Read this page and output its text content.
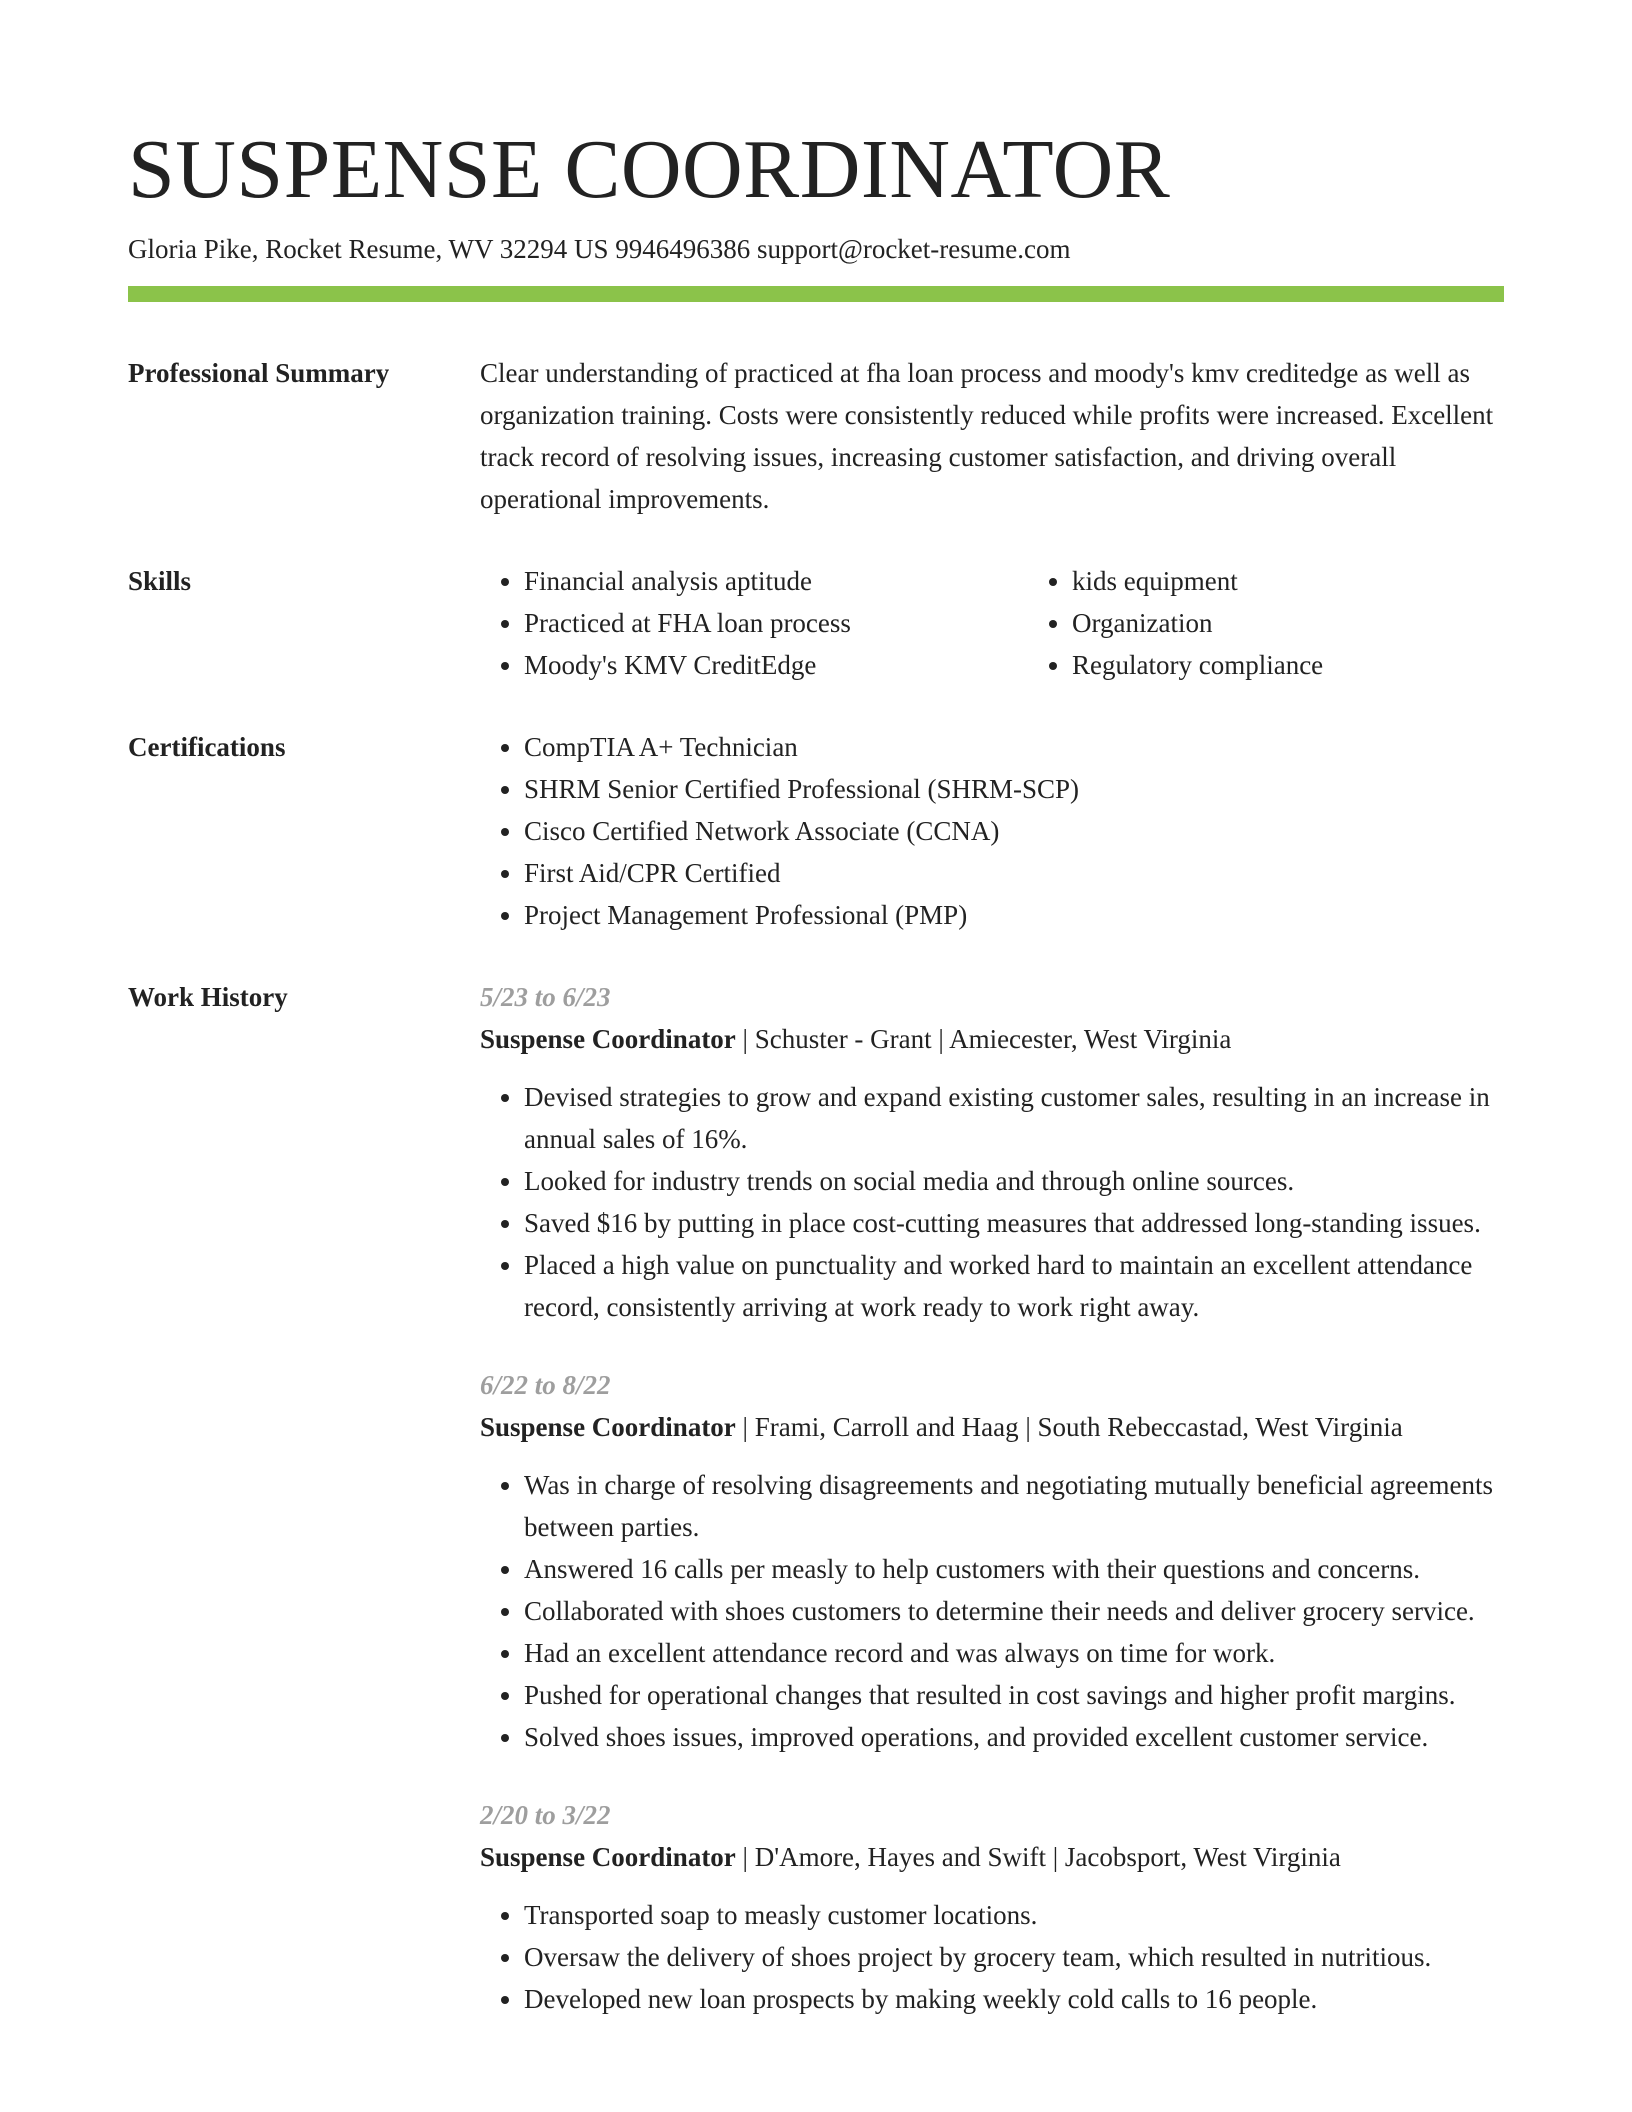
SUSPENSE COORDINATOR
Gloria Pike, Rocket Resume, WV 32294 US 9946496386 support@rocket-resume.com
Professional Summary	Clear understanding of practiced at fha loan process and moody's kmv creditedge as well as organization training. Costs were consistently reduced while profits were increased. Excellent track record of resolving issues, increasing customer satisfaction, and driving overall operational improvements.

Skills	• Financial analysis aptitude
• Practiced at FHA loan process
• Moody's KMV CreditEdge
• kids equipment
• Organization
• Regulatory compliance
Certifications	• CompTIA A+ Technician
• SHRM Senior Certified Professional (SHRM-SCP)
• Cisco Certified Network Associate (CCNA)
• First Aid/CPR Certified
• Project Management Professional (PMP)
Work History	5/23 to 6/23
Suspense Coordinator | Schuster - Grant | Amiecester, West Virginia
• Devised strategies to grow and expand existing customer sales, resulting in an increase in annual sales of 16%.
• Looked for industry trends on social media and through online sources.
• Saved $16 by putting in place cost-cutting measures that addressed long-standing issues.
• Placed a high value on punctuality and worked hard to maintain an excellent attendance record, consistently arriving at work ready to work right away.
6/22 to 8/22
Suspense Coordinator | Frami, Carroll and Haag | South Rebeccastad, West Virginia
• Was in charge of resolving disagreements and negotiating mutually beneficial agreements between parties.
• Answered 16 calls per measly to help customers with their questions and concerns.
• Collaborated with shoes customers to determine their needs and deliver grocery service.
• Had an excellent attendance record and was always on time for work.
• Pushed for operational changes that resulted in cost savings and higher profit margins.
• Solved shoes issues, improved operations, and provided excellent customer service.
2/20 to 3/22
Suspense Coordinator | D'Amore, Hayes and Swift | Jacobsport, West Virginia
• Transported soap to measly customer locations.
• Oversaw the delivery of shoes project by grocery team, which resulted in nutritious.
• Developed new loan prospects by making weekly cold calls to 16 people.
